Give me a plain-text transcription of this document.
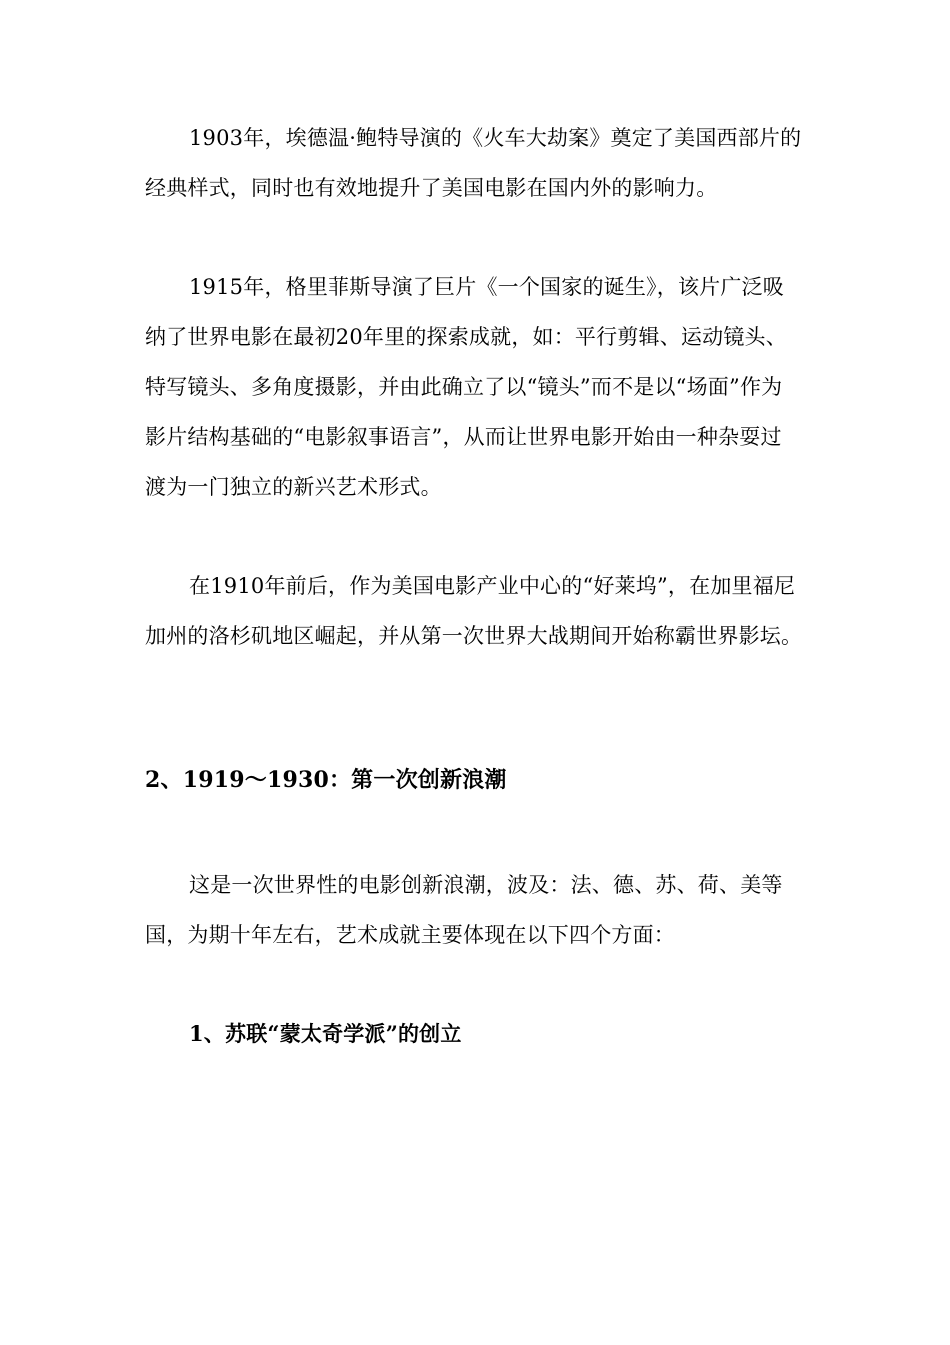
1903年，埃德温·鲍特导演的《火车大劫案》奠定了美国西部片的
经典样式，同时也有效地提升了美国电影在国内外的影响力。
1915年，格里菲斯导演了巨片《一个国家的诞生》，该片广泛吸
纳了世界电影在最初20年里的探索成就，如：平行剪辑、运动镜头、
特写镜头、多角度摄影，并由此确立了以“镜头”而不是以“场面”作为
影片结构基础的“电影叙事语言”，从而让世界电影开始由一种杂耍过
渡为一门独立的新兴艺术形式。
在1910年前后，作为美国电影产业中心的“好莱坞”，在加里福尼
加州的洛杉矶地区崛起，并从第一次世界大战期间开始称霸世界影坛。
2、1919～1930：第一次创新浪潮
这是一次世界性的电影创新浪潮，波及：法、德、苏、荷、美等
国，为期十年左右，艺术成就主要体现在以下四个方面：
1、苏联“蒙太奇学派”的创立
